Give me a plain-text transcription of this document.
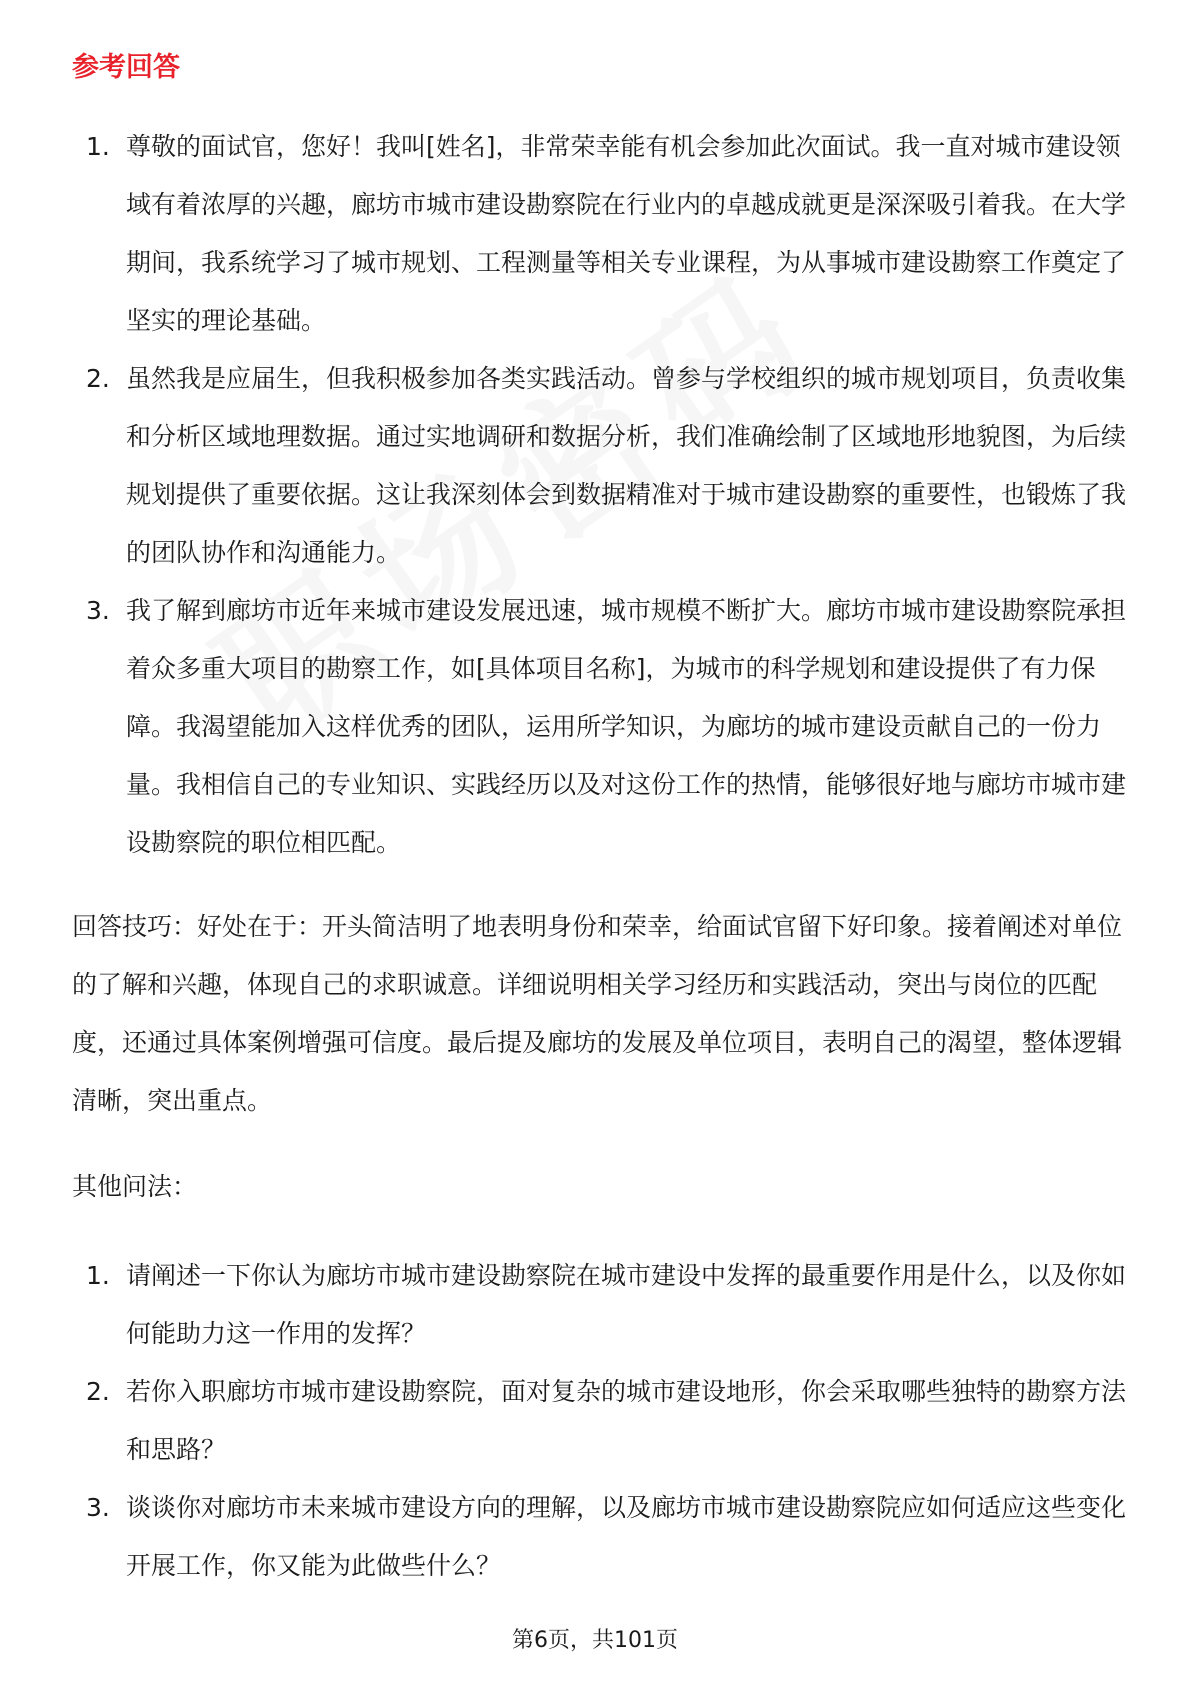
参考回答
1. 尊敬的面试官，您好！我叫[姓名]，非常荣幸能有机会参加此次面试。我一直对城市建设领域有着浓厚的兴趣，廊坊市城市建设勘察院在行业内的卓越成就更是深深吸引着我。在大学期间，我系统学习了城市规划、工程测量等相关专业课程，为从事城市建设勘察工作奠定了坚实的理论基础。
2. 虽然我是应届生，但我积极参加各类实践活动。曾参与学校组织的城市规划项目，负责收集和分析区域地理数据。通过实地调研和数据分析，我们准确绘制了区域地形地貌图，为后续规划提供了重要依据。这让我深刻体会到数据精准对于城市建设勘察的重要性，也锻炼了我的团队协作和沟通能力。
3. 我了解到廊坊市近年来城市建设发展迅速，城市规模不断扩大。廊坊市城市建设勘察院承担着众多重大项目的勘察工作，如[具体项目名称]，为城市的科学规划和建设提供了有力保障。我渴望能加入这样优秀的团队，运用所学知识，为廊坊的城市建设贡献自己的一份力量。我相信自己的专业知识、实践经历以及对这份工作的热情，能够很好地与廊坊市城市建设勘察院的职位相匹配。

回答技巧：好处在于：开头简洁明了地表明身份和荣幸，给面试官留下好印象。接着阐述对单位的了解和兴趣，体现自己的求职诚意。详细说明相关学习经历和实践活动，突出与岗位的匹配度，还通过具体案例增强可信度。最后提及廊坊的发展及单位项目，表明自己的渴望，整体逻辑清晰，突出重点。

其他问法：

1. 请阐述一下你认为廊坊市城市建设勘察院在城市建设中发挥的最重要作用是什么，以及你如何能助力这一作用的发挥？
2. 若你入职廊坊市城市建设勘察院，面对复杂的城市建设地形，你会采取哪些独特的勘察方法和思路？
3. 谈谈你对廊坊市未来城市建设方向的理解，以及廊坊市城市建设勘察院应如何适应这些变化开展工作，你又能为此做些什么？
第6页，共101页
